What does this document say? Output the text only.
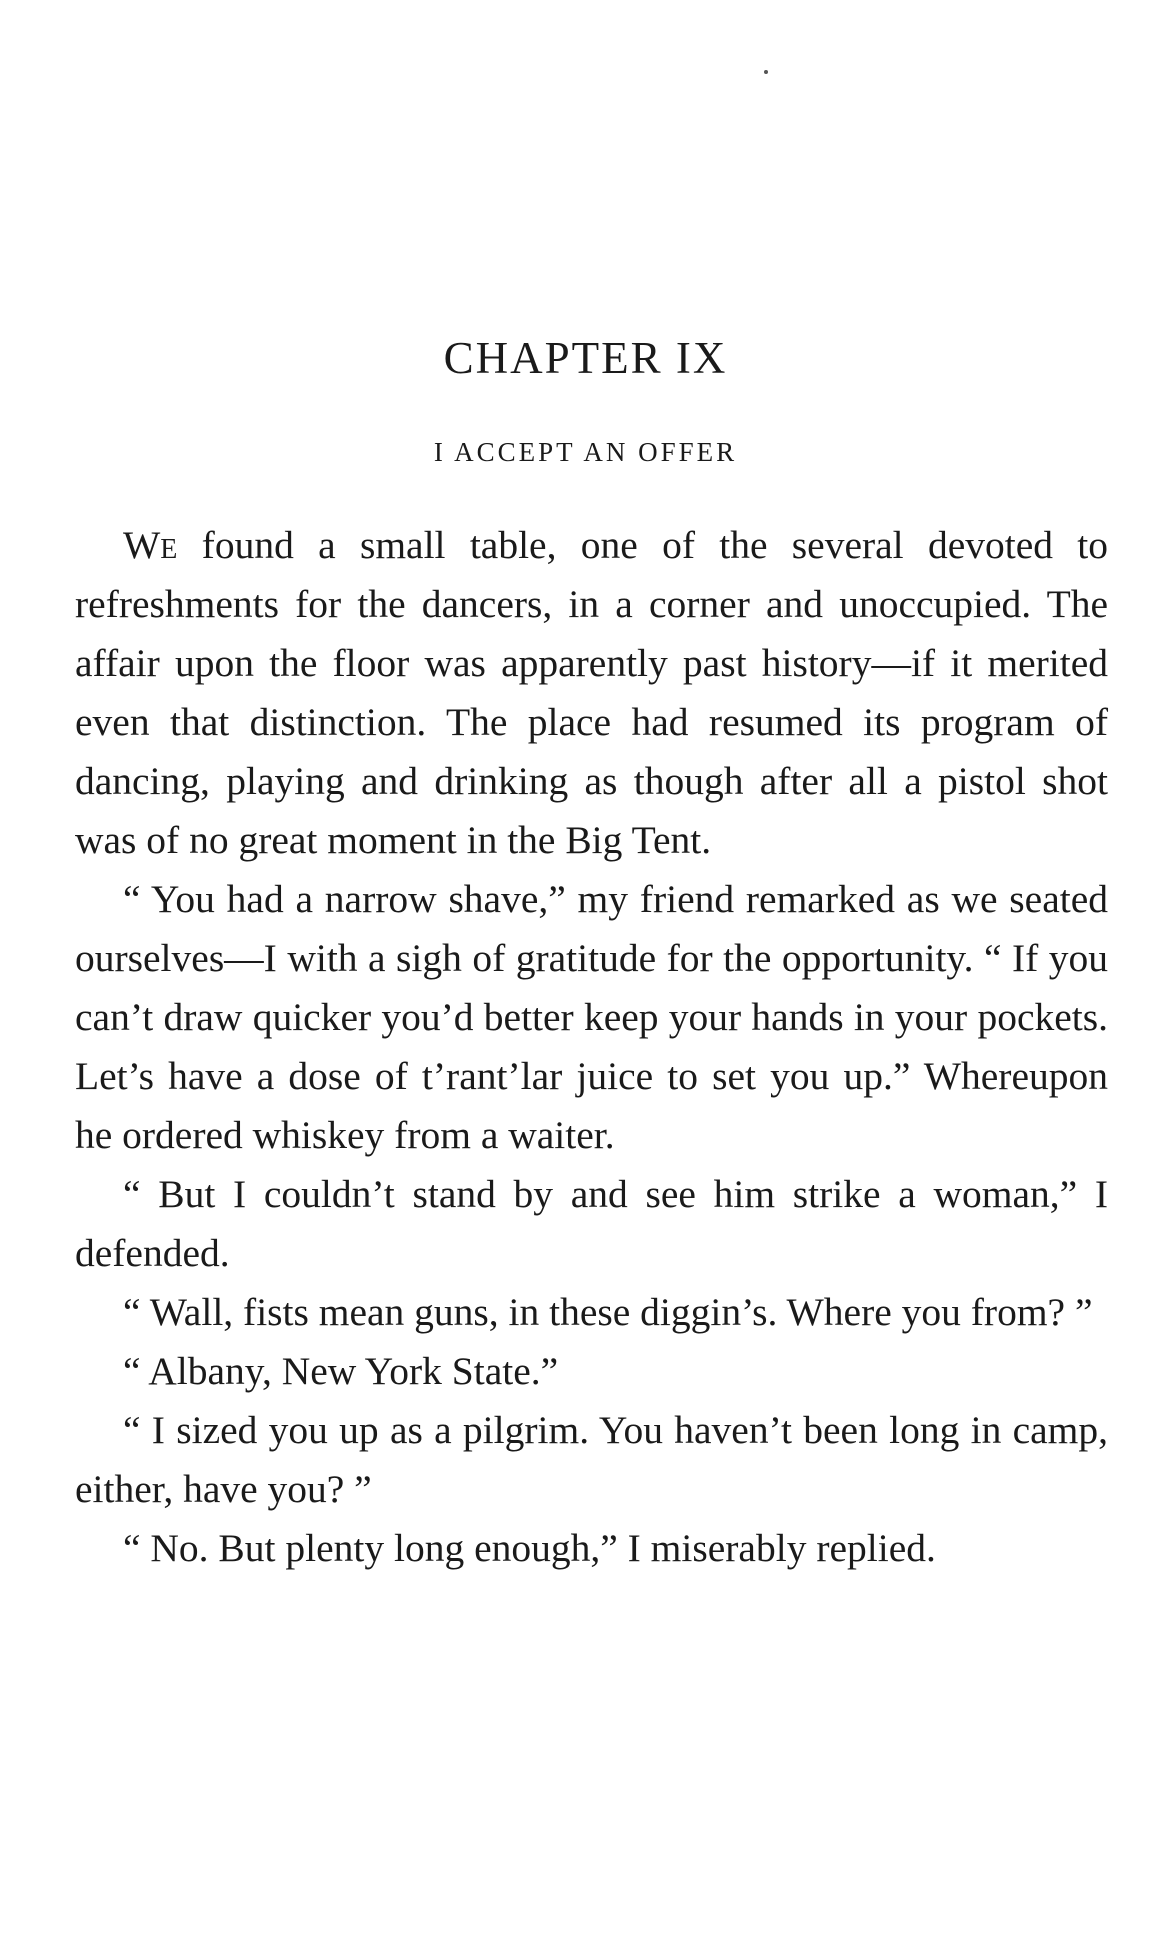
CHAPTER IX
I ACCEPT AN OFFER

We found a small table, one of the several devoted to refreshments for the dancers, in a corner and unoccupied. The affair upon the floor was apparently past history—if it merited even that distinction. The place had resumed its program of dancing, playing and drinking as though after all a pistol shot was of no great moment in the Big Tent.

“ You had a narrow shave,” my friend remarked as we seated ourselves—I with a sigh of gratitude for the opportunity. “ If you can’t draw quicker you’d better keep your hands in your pockets. Let’s have a dose of t’rant’lar juice to set you up.” Whereupon he ordered whiskey from a waiter.

“ But I couldn’t stand by and see him strike a woman,” I defended.

“ Wall, fists mean guns, in these diggin’s. Where you from? ”

“ Albany, New York State.”

“ I sized you up as a pilgrim. You haven’t been long in camp, either, have you? ”

“ No. But plenty long enough,” I miserably replied.
